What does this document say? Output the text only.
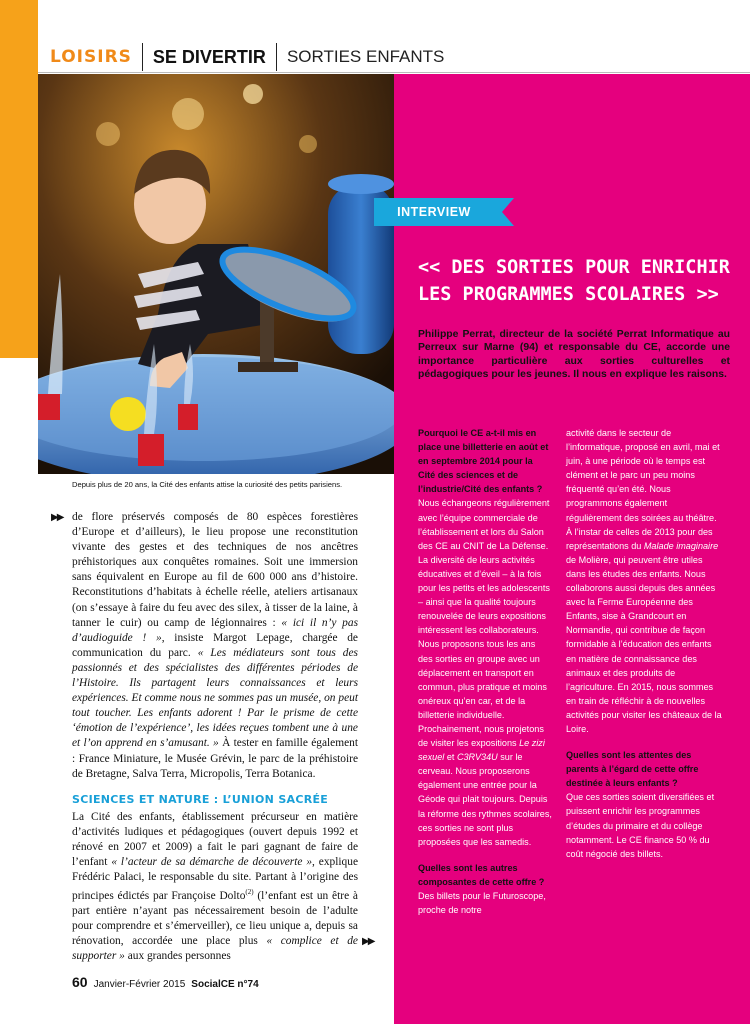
LOISIRS SE DIVERTIR SORTIES ENFANTS
Depuis plus de 20 ans, la Cité des enfants attise la curiosité des petits parisiens.
▶▶ de flore préservés composés de 80 espèces forestières d’Europe et d’ailleurs), le lieu propose une reconstitution vivante des gestes et des techniques de nos ancêtres préhistoriques aux conquêtes romaines. Soit une immersion sans équivalent en Europe au fil de 600 000 ans d’histoire. Reconstitutions d’habitats à échelle réelle, ateliers artisanaux (on s’essaye à faire du feu avec des silex, à tisser de la laine, à tanner le cuir) ou camp de légionnaires : « ici il n’y pas d’audioguide ! », insiste Margot Lepage, chargée de communication du parc. « Les médiateurs sont tous des passionnés et des spécialistes des différentes périodes de l’Histoire. Ils partagent leurs connaissances et leurs expériences. Et comme nous ne sommes pas un musée, on peut tout toucher. Les enfants adorent ! Par le prisme de cette ‘émotion de l’expérience’, les idées reçues tombent une à une et l’on apprend en s’amusant. » À tester en famille également : France Miniature, le Musée Grévin, le parc de la préhistoire de Bretagne, Salva Terra, Micropolis, Terra Botanica.

SCIENCES ET NATURE : L’UNION SACRÉE

La Cité des enfants, établissement précurseur en matière d’activités ludiques et pédagogiques (ouvert depuis 1992 et rénové en 2007 et 2009) a fait le pari gagnant de faire de l’enfant « l’acteur de sa démarche de découverte », explique Frédéric Palaci, le responsable du site. Partant à l’origine des principes édictés par Françoise Dolto$^{(2)}$ (l’enfant est un être à part entière n’ayant pas nécessairement besoin de l’adulte pour comprendre et s’émerveiller), ce lieu unique a, depuis sa rénovation, accordée une place plus « complice et de supporter » aux grandes personnes

▶▶
INTERVIEW
<< DES SORTIES POUR ENRICHIR
LES PROGRAMMES SCOLAIRES >>
Philippe Perrat, directeur de la société Perrat Informatique au Perreux sur Marne (94) et responsable du CE, accorde une importance particulière aux sorties culturelles et pédagogiques pour les jeunes. Il nous en explique les raisons.

Pourquoi le CE a-t-il mis en place une billetterie en août et en septembre 2014 pour la Cité des sciences et de l’industrie/Cité des enfants ?

Nous échangeons régulièrement avec l’équipe commerciale de l’établissement et lors du Salon des CE au CNIT de La Défense. La diversité de leurs activités éducatives et d’éveil – à la fois pour les petits et les adolescents – ainsi que la qualité toujours renouvelée de leurs expositions intéressent les collaborateurs. Nous proposons tous les ans des sorties en groupe avec un déplacement en transport en commun, plus pratique et moins onéreux qu’en car, et de la billetterie individuelle. Prochainement, nous projetons de visiter les expositions Le zizi sexuel et C3RV34U sur le cerveau. Nous proposerons également une entrée pour la Géode qui plait toujours. Depuis la réforme des rythmes scolaires, ces sorties ne sont plus proposées que les samedis.

Quelles sont les autres composantes de cette offre ?

Des billets pour le Futuroscope, proche de notre

activité dans le secteur de l’informatique, proposé en avril, mai et juin, à une période où le temps est clément et le parc un peu moins fréquenté qu’en été. Nous programmons également régulièrement des soirées au théâtre. À l’instar de celles de 2013 pour des représentations du Malade imaginaire de Molière, qui peuvent être utiles dans les études des enfants. Nous collaborons aussi depuis des années avec la Ferme Européenne des Enfants, sise à Grandcourt en Normandie, qui contribue de façon formidable à l’éducation des enfants en matière de connaissance des animaux et des produits de l’agriculture. En 2015, nous sommes en train de réfléchir à de nouvelles activités pour visiter les châteaux de la Loire.

Quelles sont les attentes des parents à l’égard de cette offre destinée à leurs enfants ?

Que ces sorties soient diversifiées et puissent enrichir les programmes d’études du primaire et du collège notamment. Le CE finance 50 % du coût négocié des billets.

60 Janvier-Février 2015 SocialCE n°74
